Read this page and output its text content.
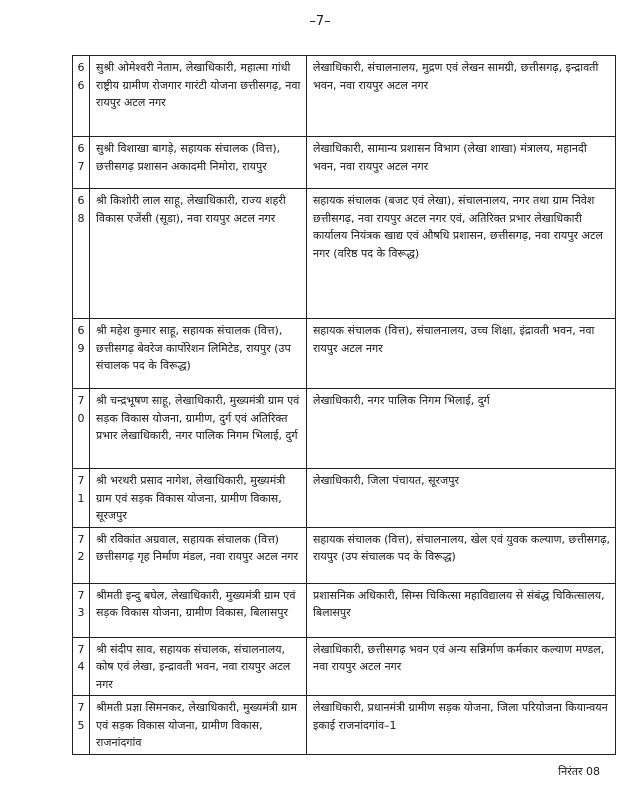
–7–
66	सुश्री ओमेश्वरी नेताम, लेखाधिकारी, महात्मा गांधी राष्ट्रीय ग्रामीण रोजगार गारंटी योजना छत्तीसगढ़, नवा रायपुर अटल नगर	लेखाधिकारी, संचालनालय, मुद्रण एवं लेखन सामग्री, छत्तीसगढ़, इन्द्रावती भवन, नवा रायपुर अटल नगर
67	सुश्री विशाखा बागड़े, सहायक संचालक (वित्त), छत्तीसगढ़ प्रशासन अकादमी निमोरा, रायपुर	लेखाधिकारी, सामान्य प्रशासन विभाग (लेखा शाखा) मंत्रालय, महानदी भवन, नवा रायपुर अटल नगर
68	श्री किशोरी लाल साहू, लेखाधिकारी, राज्य शहरी विकास एजेंसी (सूडा), नवा रायपुर अटल नगर	सहायक संचालक (बजट एवं लेखा), संचालनालय, नगर तथा ग्राम निवेश छत्तीसगढ़, नवा रायपुर अटल नगर एवं, अतिरिक्त प्रभार लेखाधिकारी कार्यालय नियंत्रक खाद्य एवं औषधि प्रशासन, छत्तीसगढ़, नवा रायपुर अटल नगर (वरिष्ठ पद के विरूद्ध)
69	श्री महेश कुमार साहू, सहायक संचालक (वित्त), छत्तीसगढ़ बेवरेज कार्पोरेशन लिमिटेड, रायपुर (उप संचालक पद के विरूद्ध)	सहायक संचालक (वित्त), संचालनालय, उच्च शिक्षा, इंद्रावती भवन, नवा रायपुर अटल नगर
70	श्री चन्द्रभूषण साहू, लेखाधिकारी, मुख्यमंत्री ग्राम एवं सड़क विकास योजना, ग्रामीण, दुर्ग एवं अतिरिक्त प्रभार लेखाधिकारी, नगर पालिक निगम भिलाई, दुर्ग	लेखाधिकारी, नगर पालिक निगम भिलाई, दुर्ग
71	श्री भरथरी प्रसाद नागेश, लेखाधिकारी, मुख्यमंत्री ग्राम एवं सड़क विकास योजना, ग्रामीण विकास, सूरजपुर	लेखाधिकारी, जिला पंचायत, सूरजपुर
72	श्री रविकांत अग्रवाल, सहायक संचालक (वित्त) छत्तीसगढ़ गृह निर्माण मंडल, नवा रायपुर अटल नगर	सहायक संचालक (वित्त), संचालनालय, खेल एवं युवक कल्याण, छत्तीसगढ़, रायपुर (उप संचालक पद के विरूद्ध)
73	श्रीमती इन्दु बघेल, लेखाधिकारी, मुख्यमंत्री ग्राम एवं सड़क विकास योजना, ग्रामीण विकास, बिलासपुर	प्रशासनिक अधिकारी, सिम्स चिकित्सा महाविद्यालय से संबंद्ध चिकित्सालय, बिलासपुर
74	श्री संदीप साव, सहायक संचालक, संचालनालय, कोष एवं लेखा, इन्द्रावती भवन, नवा रायपुर अटल नगर	लेखाधिकारी, छत्तीसगढ़ भवन एवं अन्य सन्निर्माण कर्मकार कल्याण मण्डल, नवा रायपुर अटल नगर
75	श्रीमती प्रज्ञा सिमनकर, लेखाधिकारी, मुख्यमंत्री ग्राम एवं सड़क विकास योजना, ग्रामीण विकास, राजनांदगांव	लेखाधिकारी, प्रधानमंत्री ग्रामीण सड़क योजना, जिला परियोजना कियान्वयन इकाई राजनांदगांव–1
निरंतर 08
